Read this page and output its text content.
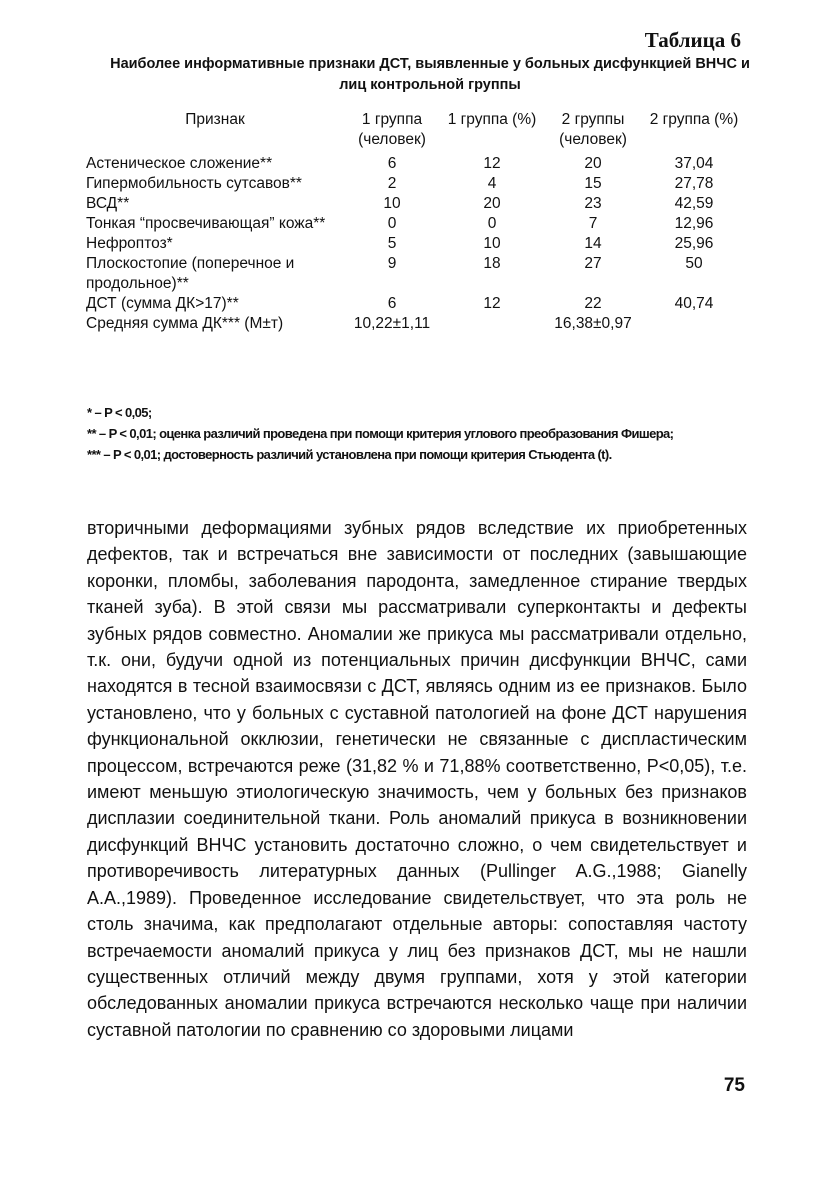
Таблица 6
Наиболее информативные признаки ДСТ, выявленные у больных дисфункцией ВНЧС и лиц контрольной группы
Признак	1 группа (человек)	1 группа (%)	2 группы (человек)	2 группа (%)
Астеническое сложение**	6	12	20	37,04
Гипермобильность сутсавов**	2	4	15	27,78
ВСД**	10	20	23	42,59
Тонкая “просвечивающая” кожа**	0	0	7	12,96
Нефроптоз*	5	10	14	25,96
Плоскостопие (поперечное и продольное)**	9	18	27	50
ДСТ (сумма ДК>17)**	6	12	22	40,74
Средняя сумма ДК*** (M±т)	10,22±1,11		16,38±0,97	
* – P < 0,05;
** – P < 0,01; оценка различий проведена при помощи критерия углового преобразования Фишера;
*** – P < 0,01; достоверность различий установлена при помощи критерия Стьюдента (t).

вторичными деформациями зубных рядов вследствие их приобретенных дефектов, так и встречаться вне зависимости от последних (завышающие коронки, пломбы, заболевания пародонта, замедленное стирание твердых тканей зуба). В этой связи мы рассматривали суперконтакты и дефекты зубных рядов совместно. Аномалии же прикуса мы рассматривали отдельно, т.к. они, будучи одной из потенциальных причин дисфункции ВНЧС, сами находятся в тесной взаимосвязи с ДСТ, являясь одним из ее признаков. Было установлено, что у больных с суставной патологией на фоне ДСТ нарушения функциональной окклюзии, генетически не связанные с диспластическим процессом, встречаются реже (31,82 % и 71,88% соответственно, P<0,05), т.е. имеют меньшую этиологическую значимость, чем у больных без признаков дисплазии соединительной ткани. Роль аномалий прикуса в возникновении дисфункций ВНЧС установить достаточно сложно, о чем свидетельствует и противоречивость литературных данных (Pullinger A.G.,1988; Gianelly A.A.,1989). Проведенное исследование свидетельствует, что эта роль не столь значима, как предполагают отдельные авторы: сопоставляя частоту встречаемости аномалий прикуса у лиц без признаков ДСТ, мы не нашли существенных отличий между двумя группами, хотя у этой категории обследованных аномалии прикуса встречаются несколько чаще при наличии суставной патологии по сравнению со здоровыми лицами

75
